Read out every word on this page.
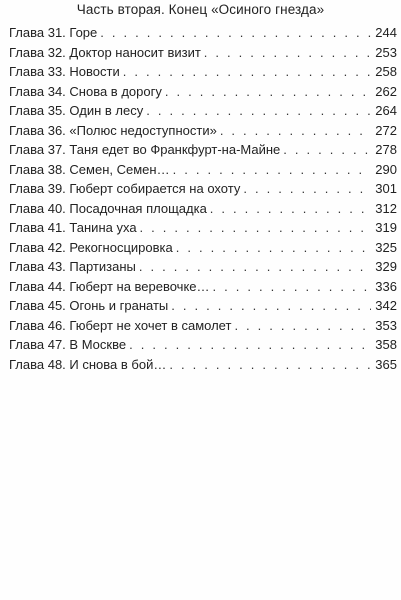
Часть вторая. Конец «Осиного гнезда»
Глава 31. Горе . . .	244
Глава 32. Доктор наносит визит . . .	253
Глава 33. Новости . . .	258
Глава 34. Снова в дорогу . . .	262
Глава 35. Один в лесу . . .	264
Глава 36. «Полюс недоступности» . . .	272
Глава 37. Таня едет во Франкфурт-на-Майне . . .	278
Глава 38. Семен, Семен… . . .	290
Глава 39. Гюберт собирается на охоту . . .	301
Глава 40. Посадочная площадка . . .	312
Глава 41. Танина уха . . .	319
Глава 42. Рекогносцировка . . .	325
Глава 43. Партизаны . . .	329
Глава 44. Гюберт на веревочке… . . .	336
Глава 45. Огонь и гранаты . . .	342
Глава 46. Гюберт не хочет в самолет . . .	353
Глава 47. В Москве . . .	358
Глава 48. И снова в бой… . . .	365
